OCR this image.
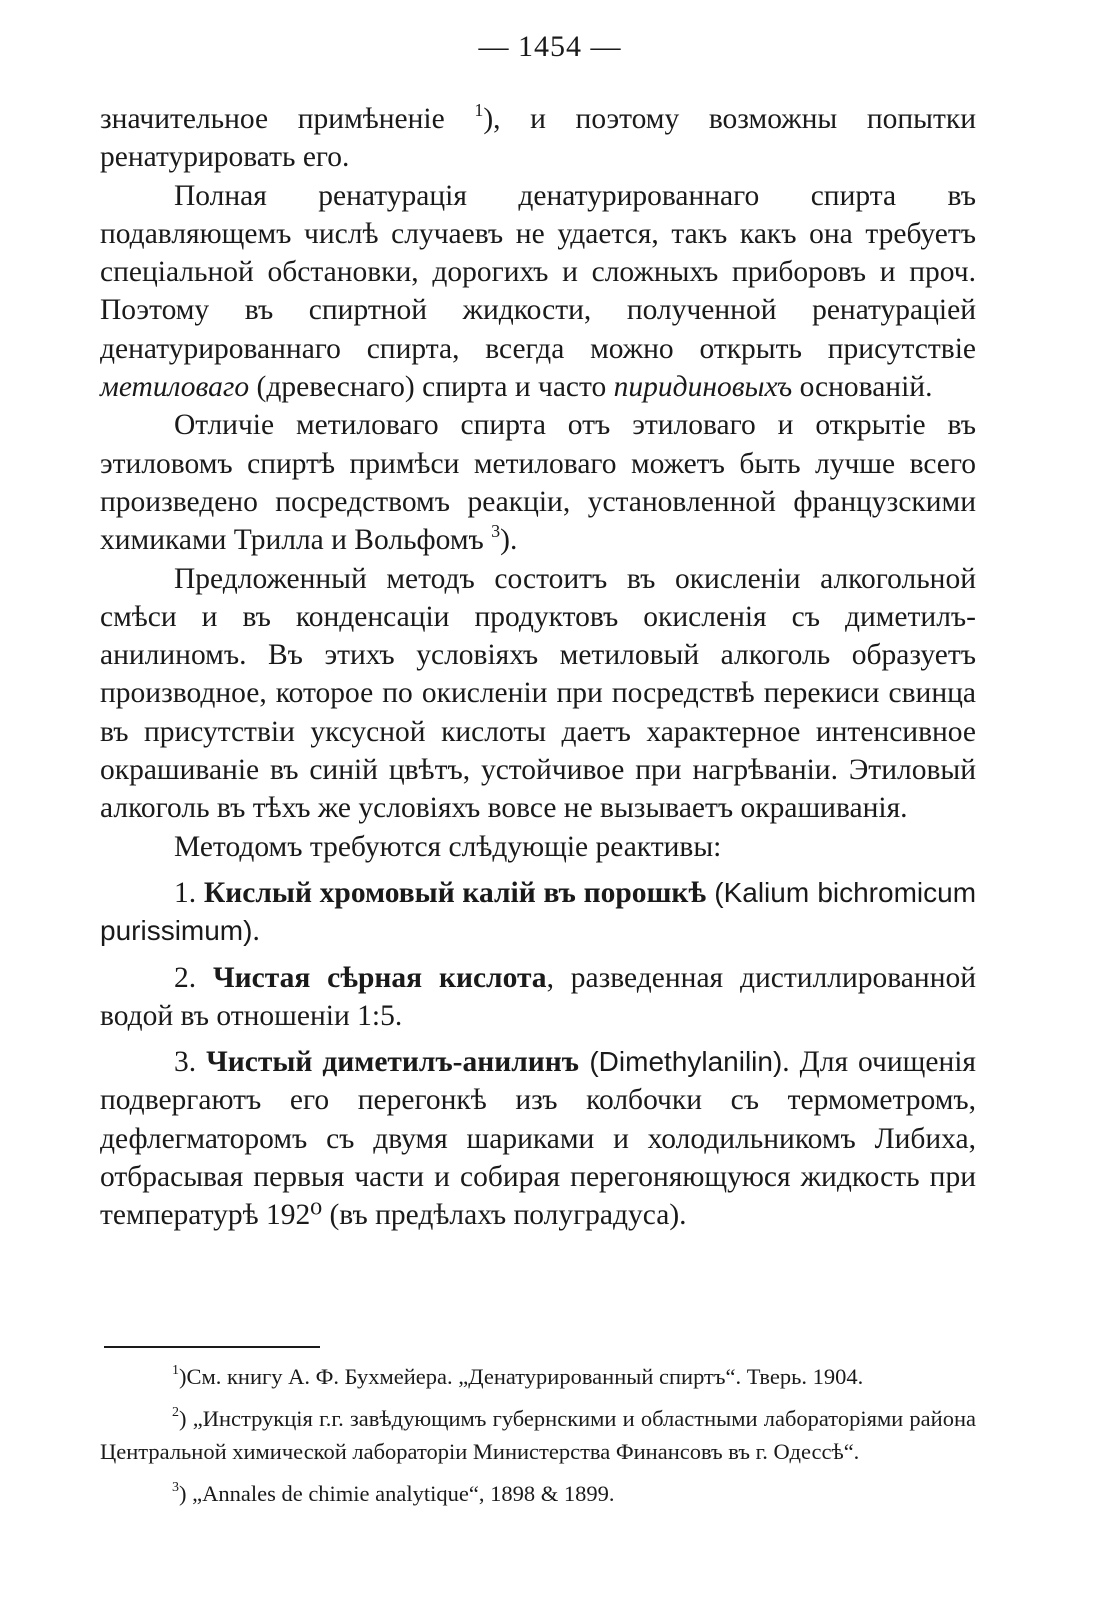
— 1454 —

значительное примѣненіе $^1$), и поэтому возможны попытки ренатурировать его.

Полная ренатурація денатурированнаго спирта въ подавляющемъ числѣ случаевъ не удается, такъ какъ она требуетъ спеціальной обстановки, дорогихъ и сложныхъ приборовъ и проч. Поэтому въ спиртной жидкости, полученной ренатураціей денатурированнаго спирта, всегда можно открыть присутствіе метиловаго (древеснаго) спирта и часто пиридиновыхъ основаній.

Отличіе метиловаго спирта отъ этиловаго и открытіе въ этиловомъ спиртѣ примѣси метиловаго можетъ быть лучше всего произведено посредствомъ реакціи, установленной французскими химиками Трилла и Вольфомъ $^3$).

Предложенный методъ состоитъ въ окисленіи алкогольной смѣси и въ конденсаціи продуктовъ окисленія съ диметилъ-анилиномъ. Въ этихъ условіяхъ метиловый алкоголь образуетъ производное, которое по окисленіи при посредствѣ перекиси свинца въ присутствіи уксусной кислоты даетъ характерное интенсивное окрашиваніе въ синій цвѣтъ, устойчивое при нагрѣваніи. Этиловый алкоголь въ тѣхъ же условіяхъ вовсе не вызываетъ окрашиванія.

Методомъ требуются слѣдующіе реактивы:

1. Кислый хромовый калій въ порошкѣ (Kalium bichromicum purissimum).

2. Чистая сѣрная кислота, разведенная дистиллированной водой въ отношеніи 1:5.

3. Чистый диметилъ-анилинъ (Dimethylanilin). Для очищенія подвергаютъ его перегонкѣ изъ колбочки съ термометромъ, дефлегматоромъ съ двумя шариками и холодильникомъ Либиха, отбрасывая первыя части и собирая перегоняющуюся жидкость при температурѣ 192⁰ (въ предѣлахъ полуградуса).

$^1$)См. книгу А. Ф. Бухмейера. „Денатурированный спиртъ“. Тверь. 1904.

$^2$) „Инструкція г.г. завѣдующимъ губернскими и областными лабораторіями района Центральной химической лабораторіи Министерства Финансовъ въ г. Одессѣ“.

$^3$) „Annales de chimie analytique“, 1898 & 1899.
